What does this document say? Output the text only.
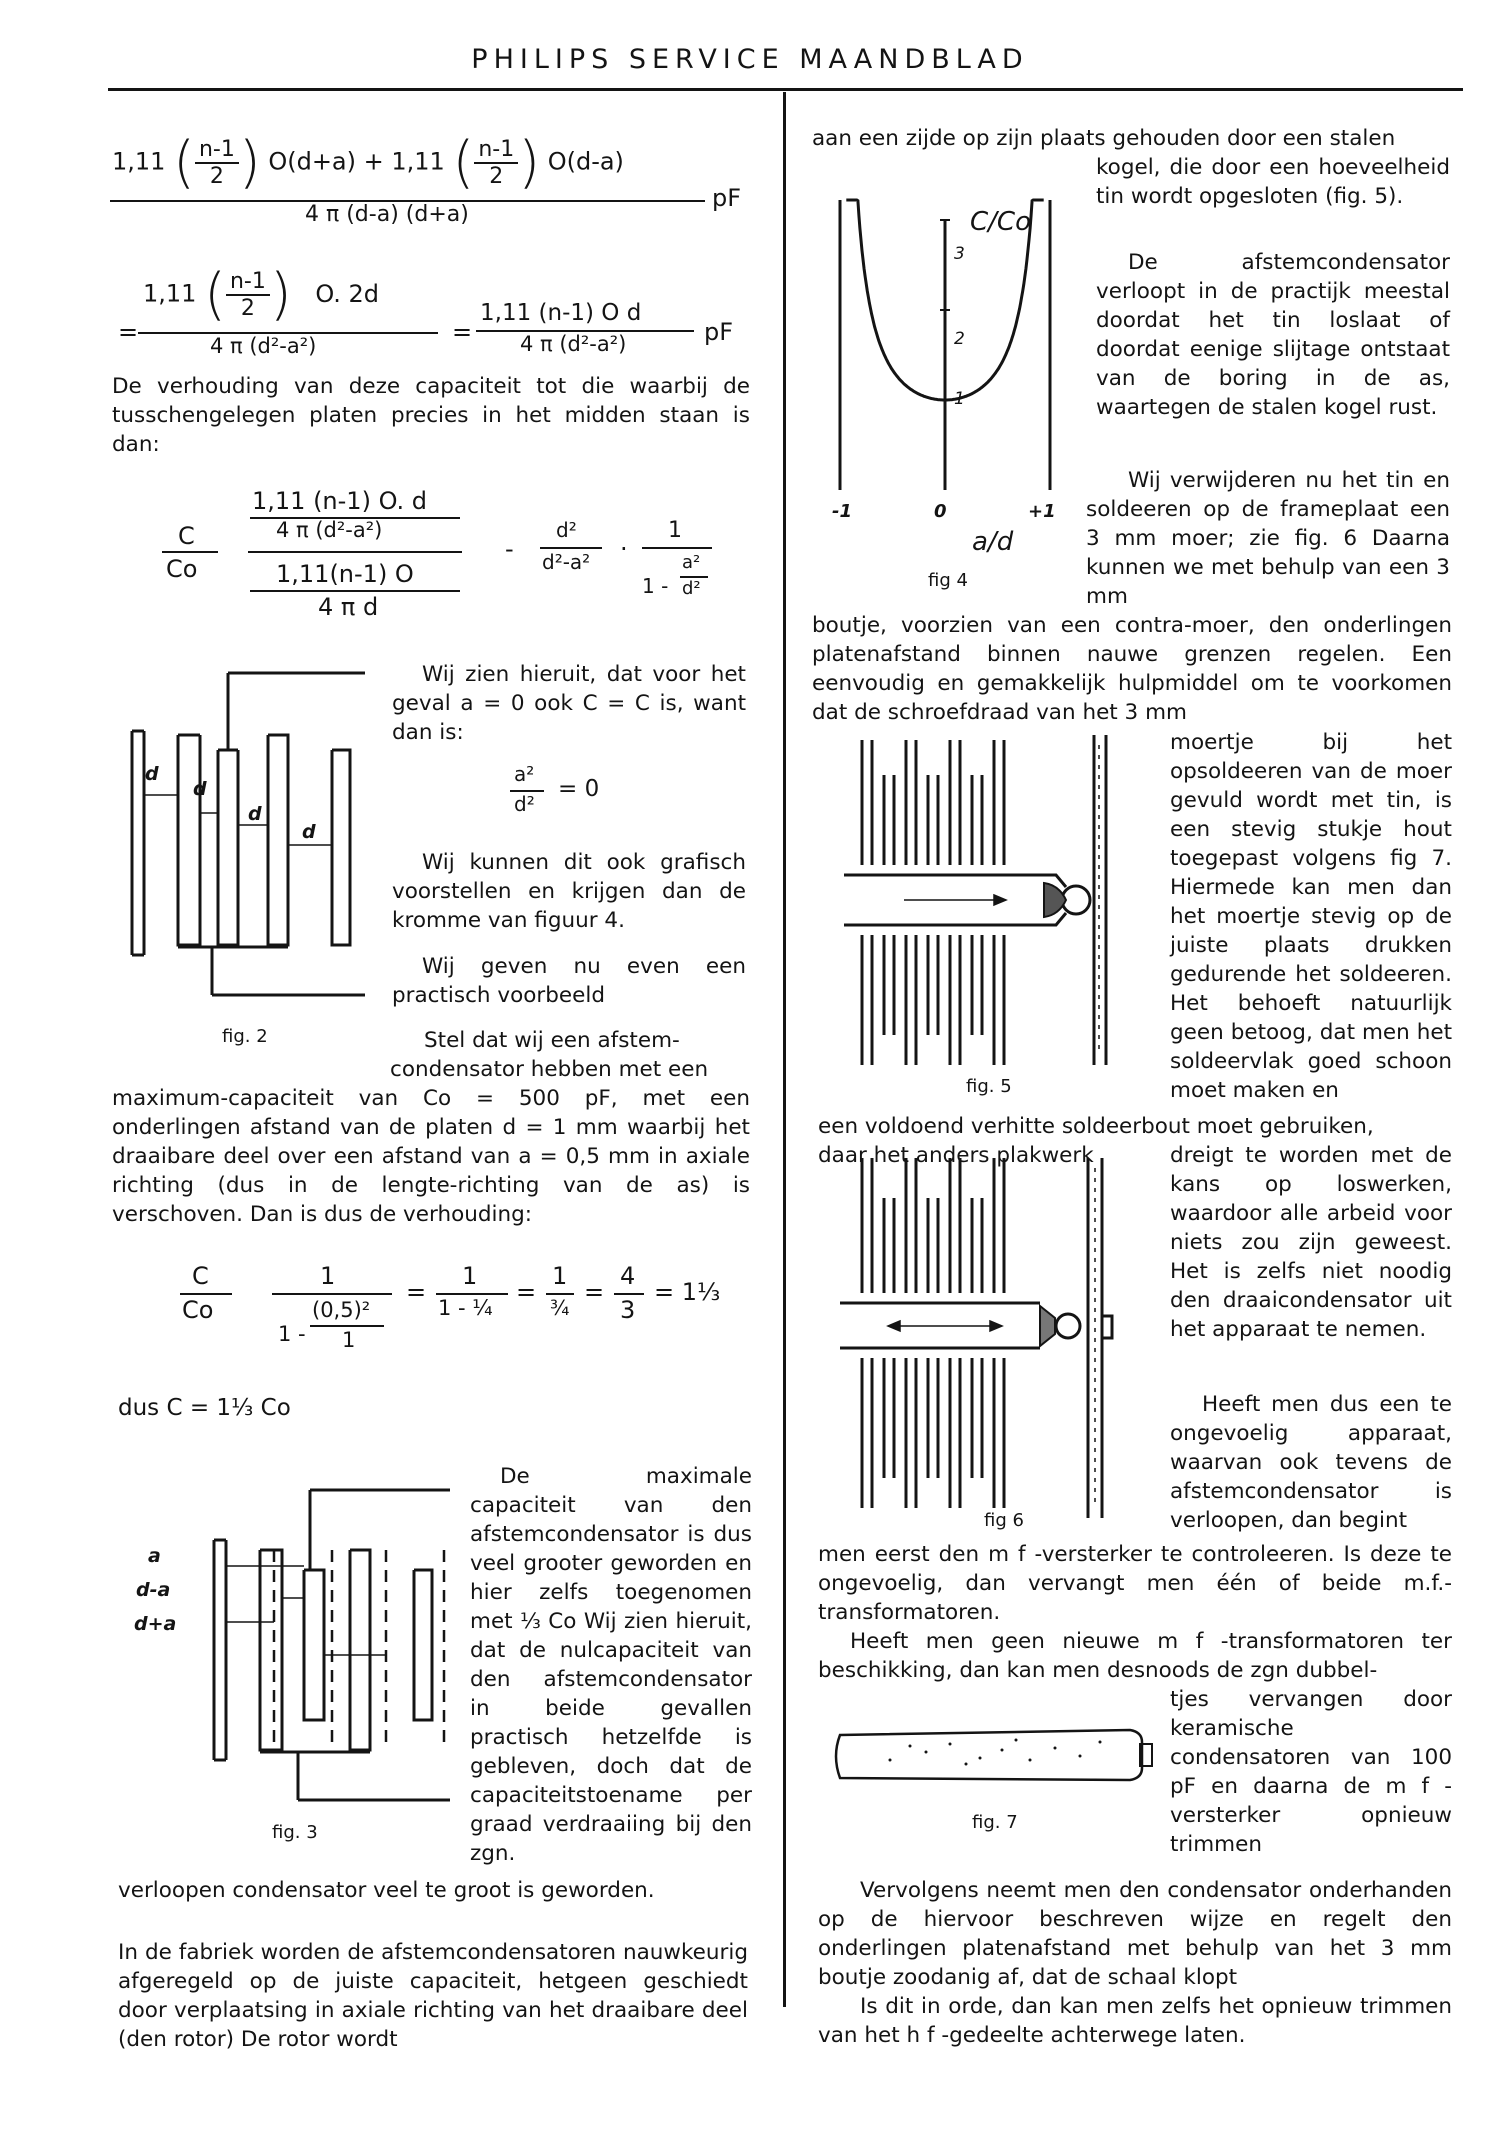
PHILIPS SERVICE MAANDBLAD
1,11 ( $\frac{n-1}{2}$ ) O(d+a) + 1,11 ( $\frac{n-1}{2}$ ) O(d-a)
4 π (d-a) (d+a)
pF
1,11 ( $\frac{n-1}{2}$ ) O. 2d
=	4 π (d²-a²)	=
1,11 (n-1) O d
4 π (d²-a²)	pF
De verhouding van deze capaciteit tot die waarbij de tusschengelegen platen precies in het midden staan is dan:
C
Co
1,11 (n-1) O. d
4 π (d²-a²)
1,11(n-1) O
4 π d
-
d²
d²-a² ·
1
1 -
a²
d²
d
d
d
d
Wij zien hieruit, dat voor het geval a = 0 ook C = C is, want dan is:
a²
d²
= 0
Wij kunnen dit ook grafisch voorstellen en krijgen dan de kromme van figuur 4.
Wij geven nu even een practisch voorbeeld
fig. 2	Stel dat wij een afstem-
condensator hebben met een
maximum-capaciteit van Co = 500 pF, met een onderlingen afstand van de platen d = 1 mm waarbij het draaibare deel over een afstand van a = 0,5 mm in axiale richting (dus in de lengte-richting van de as) is verschoven. Dan is dus de verhouding:
C
Co
1
1 -
(0,5)²
1
=
1
1 - ¼
=
1
¾
=
4
3
= 1⅓
dus C = 1⅓ Co
a
d-a
d+a
fig. 3
De maximale capaciteit van den afstemcondensator is dus veel grooter geworden en hier zelfs toegenomen met ⅓ Co Wij zien hieruit, dat de nulcapaciteit van den afstemcondensator in beide gevallen practisch hetzelfde is gebleven, doch dat de capaciteitstoename per graad verdraaiing bij den zgn.
verloopen condensator veel te groot is geworden.
In de fabriek worden de afstemcondensatoren nauwkeurig afgeregeld op de juiste capaciteit, hetgeen geschiedt door verplaatsing in axiale richting van het draaibare deel (den rotor) De rotor wordt
aan een zijde op zijn plaats gehouden door een stalen
kogel, die door een hoeveelheid tin wordt opgesloten (fig. 5).
C/Co
3
2
1
-1	0	+1
a/d
fig 4
De afstemcondensator verloopt in de practijk meestal doordat het tin loslaat of doordat eenige slijtage ontstaat van de boring in de as, waartegen de stalen kogel rust.
Wij verwijderen nu het tin en soldeeren op de frameplaat een 3 mm moer; zie fig. 6 Daarna kunnen we met behulp van een 3 mm
boutje, voorzien van een contra-moer, den onderlingen platenafstand binnen nauwe grenzen regelen. Een eenvoudig en gemakkelijk hulpmiddel om te voorkomen dat de schroefdraad van het 3 mm
fig. 5
moertje bij het opsoldeeren van de moer gevuld wordt met tin, is een stevig stukje hout toegepast volgens fig 7. Hiermede kan men dan het moertje stevig op de juiste plaats drukken gedurende het soldeeren. Het behoeft natuurlijk geen betoog, dat men het soldeervlak goed schoon moet maken en
een voldoend verhitte soldeerbout moet gebruiken,
daar het anders plakwerk
fig 6
dreigt te worden met de kans op loswerken, waardoor alle arbeid voor niets zou zijn geweest. Het is zelfs niet noodig den draaicondensator uit het apparaat te nemen.
Heeft men dus een te ongevoelig apparaat, waarvan ook tevens de afstemcondensator is verloopen, dan begint
men eerst den m f -versterker te controleeren. Is deze te ongevoelig, dan vervangt men één of beide m.f.-transformatoren.
Heeft men geen nieuwe m f -transformatoren ter beschikking, dan kan men desnoods de zgn dubbel-
tjes vervangen door keramische condensatoren van 100 pF en daarna de m f -versterker opnieuw trimmen
fig. 7
Vervolgens neemt men den condensator onderhanden op de hiervoor beschreven wijze en regelt den onderlingen platenafstand met behulp van het 3 mm boutje zoodanig af, dat de schaal klopt
Is dit in orde, dan kan men zelfs het opnieuw trimmen van het h f -gedeelte achterwege laten.
